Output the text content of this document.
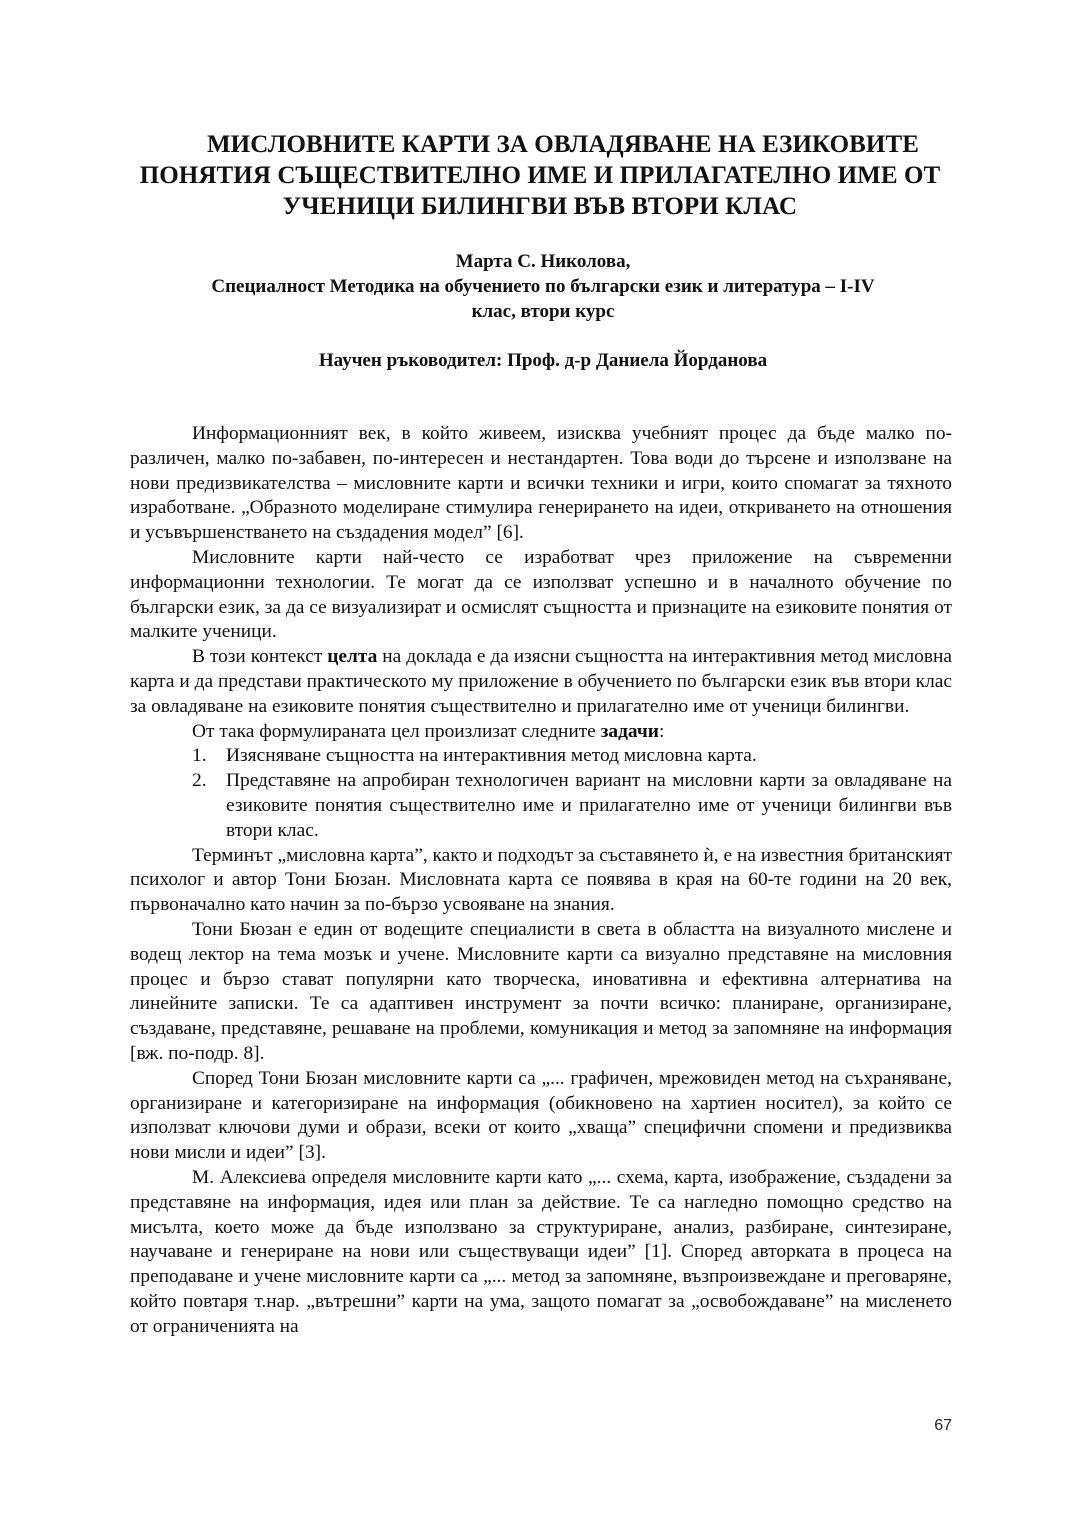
МИСЛОВНИТЕ КАРТИ ЗА ОВЛАДЯВАНЕ НА ЕЗИКОВИТЕ
ПОНЯТИЯ СЪЩЕСТВИТЕЛНО ИМЕ И ПРИЛАГАТЕЛНО ИМЕ ОТ
УЧЕНИЦИ БИЛИНГВИ ВЪВ ВТОРИ КЛАС
Марта С. Николова,
Специалност Методика на обучението по български език и литература – I-IV
клас, втори курс
Научен ръководител: Проф. д-р Даниела Йорданова

Информационният век, в който живеем, изисква учебният процес да бъде малко по-различен, малко по-забавен, по-интересен и нестандартен. Това води до търсене и използване на нови предизвикателства – мисловните карти и всички техники и игри, които спомагат за тяхното изработване. „Образното моделиране стимулира генерирането на идеи, откриването на отношения и усъвършенстването на създадения модел” [6].

Мисловните карти най-често се изработват чрез приложение на съвременни информационни технологии. Те могат да се използват успешно и в началното обучение по български език, за да се визуализират и осмислят същността и признаците на езиковите понятия от малките ученици.

В този контекст целта на доклада е да изясни същността на интерактивния метод мисловна карта и да представи практическото му приложение в обучението по български език във втори клас за овладяване на езиковите понятия съществително и прилагателно име от ученици билингви.

От така формулираната цел произлизат следните задачи:

1. Изясняване същността на интерактивния метод мисловна карта.
2. Представяне на апробиран технологичен вариант на мисловни карти за овладяване на езиковите понятия съществително име и прилагателно име от ученици билингви във втори клас.

Терминът „мисловна карта”, както и подходът за съставянето ѝ, е на известния британският психолог и автор Тони Бюзан. Мисловната карта се появява в края на 60-те години на 20 век, първоначално като начин за по-бързо усвояване на знания.

Тони Бюзан е един от водещите специалисти в света в областта на визуалното мислене и водещ лектор на тема мозък и учене. Мисловните карти са визуално представяне на мисловния процес и бързо стават популярни като творческа, иновативна и ефективна алтернатива на линейните записки. Те са адаптивен инструмент за почти всичко: планиране, организиране, създаване, представяне, решаване на проблеми, комуникация и метод за запомняне на информация [вж. по-подр. 8].

Според Тони Бюзан мисловните карти са „... графичен, мрежовиден метод на съхраняване, организиране и категоризиране на информация (обикновено на хартиен носител), за който се използват ключови думи и образи, всеки от които „хваща” специфични спомени и предизвиква нови мисли и идеи” [3].

М. Алексиева определя мисловните карти като „... схема, карта, изображение, създадени за представяне на информация, идея или план за действие. Те са нагледно помощно средство на мисълта, което може да бъде използвано за структуриране, анализ, разбиране, синтезиране, научаване и генериране на нови или съществуващи идеи” [1]. Според авторката в процеса на преподаване и учене мисловните карти са „... метод за запомняне, възпроизвеждане и преговаряне, който повтаря т.нар. „вътрешни” карти на ума, защото помагат за „освобождаване” на мисленето от ограниченията на

67
